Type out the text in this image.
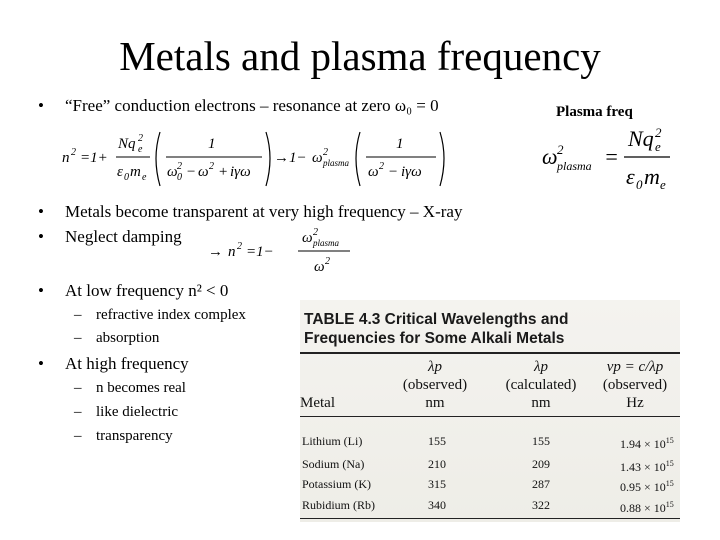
Metals and plasma frequency
• “Free” conduction electrons – resonance at zero ω₀ = 0	Plasma freq
n 2 =1+
Nq 2
e
ε 0 m e
1
ω 2
0 − ω 2 + iγω
→1− ω 2
plasma
1
ω 2 − iγω
ω 2
plasma =
Nq 2
e
ε 0 m e
• Metals become transparent at very high frequency – X-ray
• Neglect damping
→ n 2 =1−
ω 2
plasma
ω 2
• At low frequency n² < 0
– refractive index complex
– absorption
• At high frequency
– n becomes real
– like dielectric
– transparency
TABLE 4.3 Critical Wavelengths and
Frequencies for Some Alkali Metals
λp
(observed)
nm
λp
(calculated)
nm
νp = c/λp
(observed)
Hz
Metal
Lithium (Li)	155	155	$1.94 \times 10^{15}$
Sodium (Na)	210	209	$1.43 \times 10^{15}$
Potassium (K)	315	287	$0.95 \times 10^{15}$
Rubidium (Rb)	340	322	$0.88 \times 10^{15}$
